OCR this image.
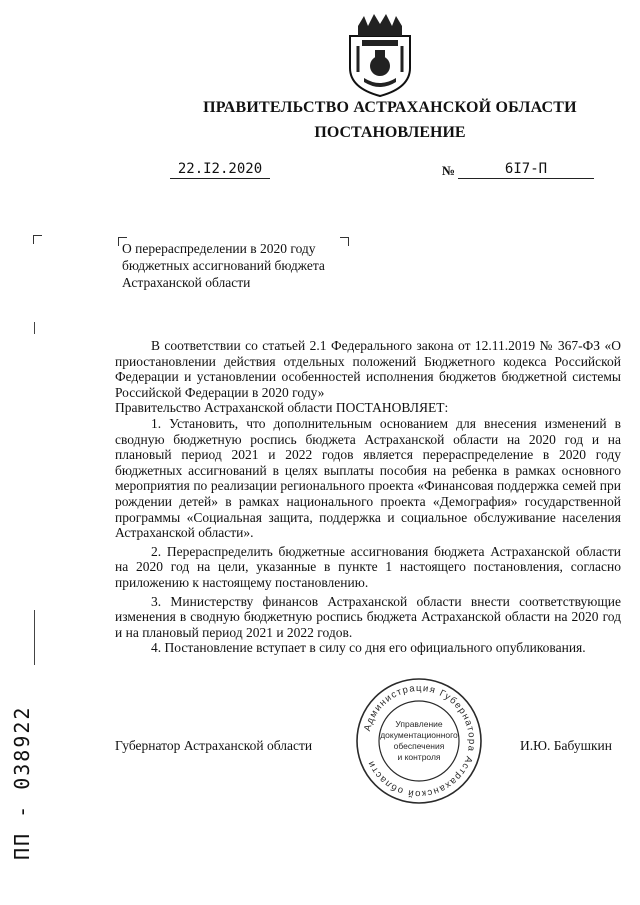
ПРАВИТЕЛЬСТВО АСТРАХАНСКОЙ ОБЛАСТИ
ПОСТАНОВЛЕНИЕ
22.I2.2020	№	6I7-П
О перераспределении в 2020 году
бюджетных ассигнований бюджета
Астраханской области

В соответствии со статьей 2.1 Федерального закона от 12.11.2019 № 367-ФЗ «О приостановлении действия отдельных положений Бюджетного кодекса Российской Федерации и установлении особенностей исполнения бюджетов бюджетной системы Российской Федерации в 2020 году»

Правительство Астраханской области ПОСТАНОВЛЯЕТ:

1. Установить, что дополнительным основанием для внесения изменений в сводную бюджетную роспись бюджета Астраханской области на 2020 год и на плановый период 2021 и 2022 годов является перераспределение в 2020 году бюджетных ассигнований в целях выплаты пособия на ребенка в рамках основного мероприятия по реализации регионального проекта «Финансовая поддержка семей при рождении детей» в рамках национального проекта «Демография» государственной программы «Социальная защита, поддержка и социальное обслуживание населения Астраханской области».

2. Перераспределить бюджетные ассигнования бюджета Астраханской области на 2020 год на цели, указанные в пункте 1 настоящего постановления, согласно приложению к настоящему постановлению.

3. Министерству финансов Астраханской области внести соответствующие изменения в сводную бюджетную роспись бюджета Астраханской области на 2020 год и на плановый период 2021 и 2022 годов.

4. Постановление вступает в силу со дня его официального опубликования.

Губернатор Астраханской области	И.Ю. Бабушкин
Администрация Губернатора Астраханской области
Управление
документационного
обеспечения
и контроля
ПП - 038922
